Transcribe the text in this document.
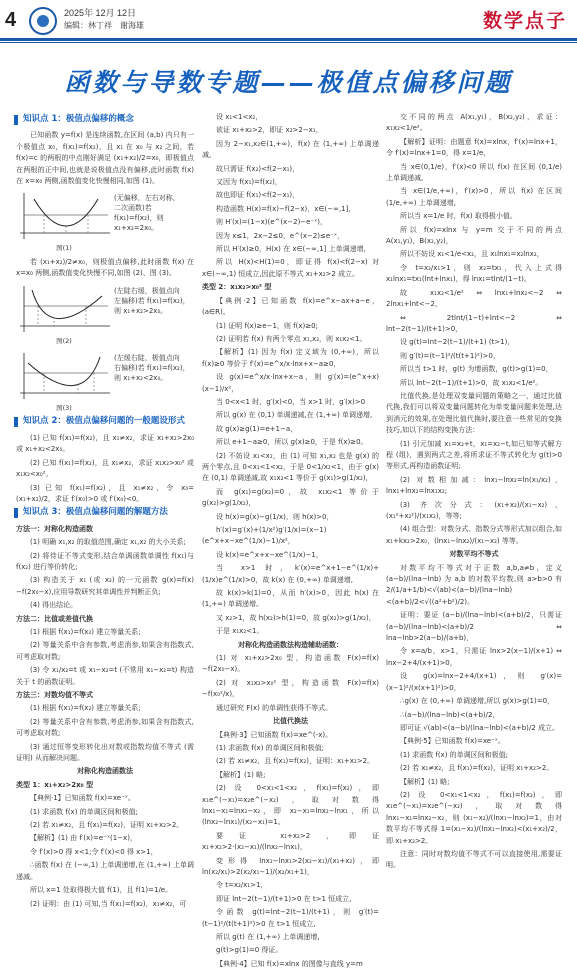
4	2025年 12月 12日
编辑：林丁祥　谢海雄	数学点子
函数与导数专题——极值点偏移问题
知识点 1：极值点偏移的概念

已知函数 y=f(x) 是连续函数,在区间 (a,b) 内只有一个极值点 x₀，f(x₁)=f(x₂)，且 x₁ 在 x₀ 与 x₂ 之间，若 f(x)=c 的两根的中点刚好满足 (x₁+x₂)/2=x₀，即极值点在两根的正中间,也就是说极值点没有偏移,此时函数 f(x) 在 x=x₀ 两侧,函数值变化快慢相同,如图 (1)。

(无偏移，左右对称，
二次函数)若 f(x₁)=f(x₂)，则
x₁+x₂=2x₀。
图(1)

若 (x₁+x₂)/2≠x₀，则极值点偏移,此时函数 f(x) 在 x=x₀ 两侧,函数值变化快慢不同,如图 (2)、图 (3)。

(左陡右缓，极值点向
左偏移)若 f(x₁)=f(x₂)，
则 x₁+x₂>2x₀。
图(2)
(左缓右陡，极值点向
右偏移)若 f(x₁)=f(x₂)，
则 x₁+x₂<2x₀。
图(3)
知识点 2：极值点偏移问题的一般题设形式

(1) 已知 f(x₁)=f(x₂)，且 x₁≠x₂，求证 x₁+x₂>2x₀ 或 x₁+x₂<2x₀。

(2) 已知 f(x₁)=f(x₂)，且 x₁≠x₂，求证 x₁x₂>x₀² 或 x₁x₂<x₀²。

(3) 已知 f(x₁)=f(x₂)，且 x₁≠x₂，令 x₀=(x₁+x₂)/2，求证 f′(x₀)>0 或 f′(x₀)<0。

知识点 3：极值点偏移问题的解题方法
方法一：对称化构造函数

(1) 明确 x₁,x₂ 的取值范围,确定 x₁,x₂ 的大小关系;

(2) 将待证不等式变形,结合单调函数单调性 f(x₁)与 f(x₂) 进行等价转化;

(3) 构造关于 x₁ (或 x₂) 的一元函数 g(x)=f(x)−f(2x₀−x),应用导数研究其单调性并判断正负;

(4) 得出结论。

方法二：比值或差值代换

(1) 根据 f(x₁)=f(x₂) 建立等量关系;

(2) 等量关系中含有参数,考虑消参,如果含有指数式,可考虑取对数;

(3) 令 x₁/x₂=t 或 x₁−x₂=t (不常用 x₁−x₂=t) 构造关于 t 的函数证明。

方法三：对数均值不等式

(1) 根据 f(x₁)=f(x₂) 建立等量关系;

(2) 等量关系中含有参数,考虑消参,如果含有指数式,可考虑取对数;

(3) 通过恒等变形转化出对数或指数均值不等式 (需证明) 从而解决问题。

对称化构造函数法
类型 1：x₁+x₂>2x₀ 型

【典例·1】已知函数 f(x)=xe⁻ˣ。

(1) 求函数 f(x) 的单调区间和极值;

(2) 若 x₁≠x₂，且 f(x₁)=f(x₂)，证明 x₁+x₂>2。

【解析】(1) 由 f′(x)=e⁻ˣ(1−x)，

令 f′(x)>0 得 x<1;令 f′(x)<0 得 x>1，

∴函数 f(x) 在 (−∞,1) 上单调递增,在 (1,+∞) 上单调递减。

所以 x=1 处取得极大值 f(1)，且 f(1)=1/e。

(2) 证明：由 (1) 可知,当 f(x₁)=f(x₂)，x₁≠x₂，可

设 x₁<1<x₂，

欲证 x₁+x₂>2，即证 x₂>2−x₁，

因为 2−x₁,x₂∈(1,+∞)，f(x) 在 (1,+∞) 上单调递减,

故只需证 f(x₂)<f(2−x₁)，

又因为 f(x₁)=f(x₂)，

故也即证 f(x₁)<f(2−x₁)，

构造函数 H(x)=f(x)−f(2−x)，x∈(−∞,1]，

则 H′(x)=(1−x)(e^(x−2)−e⁻ˣ)，

因为 x≤1，2x−2≤0，e^(x−2)≤e⁻ˣ，

所以 H′(x)≥0，H(x) 在 x∈(−∞,1] 上单调递增,

所以 H(x)<H(1)=0，即证得 f(x)<f(2−x) 对 x∈(−∞,1) 恒成立,因此原不等式 x₁+x₂>2 成立。

类型 2：x₁x₂>x₀² 型

【典例·2】已知函数 f(x)=e^x−ax+a−e，(a∈R)。

(1) 证明 f(x)≥e−1，则 f(x)≥0;

(2) 证明若 f(x) 有两个零点 x₁,x₂，则 x₁x₂<1。

【解析】(1) 因为 f(x) 定义域为 (0,+∞)，所以 f(x)≥0 等价于 f′(x)=e^x/x·lnx+x−a≥0，

设 g(x)=e^x/x·lnx+x−a，则 g′(x)=(e^x+x)(x−1)/x²，

当 0<x<1 时，g′(x)<0，当 x>1 时，g′(x)>0

所以 g(x) 在 (0,1) 单调递减,在 (1,+∞) 单调递增,

故 g(x)≥g(1)=e+1−a，

所以 e+1−a≥0，所以 g(x)≥0，于是 f(x)≥0。

(2) 不妨设 x₁<x₂，由 (1) 可知 x₁,x₂ 也是 g(x) 的两个零点,且 0<x₁<1<x₂，于是 0<1/x₂<1，由于 g(x) 在 (0,1) 单调递减,故 x₁x₂<1 等价于 g(x₁)>g(1/x₂)，

而 g(x₁)=g(x₂)=0，故 x₁x₂<1 等价于 g(x₂)>g(1/x₂)，

设 h(x)=g(x)−g(1/x)，则 h(x)>0，

h′(x)=g′(x)+(1/x²)g′(1/x)=(x−1)(e^x+x−xe^(1/x)−1)/x²，

设 k(x)=e^x+x−xe^(1/x)−1，

当 x>1 时，k′(x)=e^x+1−e^(1/x)+(1/x)e^(1/x)>0，故 k(x) 在 (0,+∞) 单调递增,

故 k(x)>k(1)=0，从而 h′(x)>0，因此 h(x) 在 (1,+∞) 单调递增。

又 x₂>1，故 h(x₂)>h(1)=0，故 g(x₂)>g(1/x₂)，

于是 x₁x₂<1。

对称化构造函数法构造辅助函数：

(1) 对 x₁+x₂>2x₀ 型，构造函数 F(x)=f(x)−f(2x₀−x)。

(2) 对 x₁x₂>x₀² 型，构造函数 F(x)=f(x)−f(x₀²/x)，

通过研究 F(x) 的单调性获得不等式。

比值代换法

【典例·3】已知函数 f(x)=xe^(-x)。

(1) 求函数 f(x) 的单调区间和极值;

(2) 若 x₁≠x₂，且 f(x₁)=f(x₂)，证明：x₁+x₂>2。

【解析】(1) 略;

(2) 设 0<x₁<1<x₂，f(x₁)=f(x₂)，即 x₁e^(−x₁)=x₂e^(−x₂)，取对数得 lnx₁−x₁=lnx₂−x₂，即 x₂−x₁=lnx₂−lnx₁，所以 (lnx₂−lnx₁)/(x₂−x₁)=1。

要证 x₁+x₂>2，即证 x₁+x₂>2·(x₂−x₁)/(lnx₂−lnx₁)，

变形得 lnx₂−lnx₁>2(x₂−x₁)/(x₁+x₂)，即 ln(x₂/x₁)>2(x₂/x₁−1)/(x₂/x₁+1)，

令 t=x₂/x₁>1，

即证 lnt−2(t−1)/(t+1)>0 在 t>1 恒成立,

令函数 g(t)=lnt−2(t−1)/(t+1)，则 g′(t)=(t−1)²/(t(t+1)²)>0 在 t>1 恒成立,

所以 g(t) 在 (1,+∞) 上单调递增,

g(t)>g(1)=0 得证。

【典例·4】已知 f(x)=xlnx 的图像与直线 y=m

交不同的两点 A(x₁,y₁)，B(x₂,y₂)，求证：x₁x₂<1/e²。

【解析】证明：由题意 f(x)=xlnx，f′(x)=lnx+1，令 f′(x)=lnx+1=0，得 x=1/e，

当 x∈(0,1/e)，f′(x)<0 所以 f(x) 在区间 (0,1/e) 上单调递减,

当 x∈(1/e,+∞)，f′(x)>0，所以 f(x) 在区间 (1/e,+∞) 上单调递增,

所以当 x=1/e 时，f(x) 取得极小值。

所以 f(x)=xlnx 与 y=m 交于不同的两点 A(x₁,y₁)，B(x₂,y₂)，

所以不妨设 x₁<1/e<x₂，且 x₁lnx₁=x₂lnx₂，

令 t=x₂/x₁>1，则 x₂=tx₁，代入上式得 x₁lnx₁=tx₁(lnt+lnx₁)，得 lnx₁=tlnt/(1−t)。

故 x₁x₂<1/e² ⇔ lnx₁+lnx₂<−2 ⇔ 2lnx₁+lnt<−2，

⇔ 2tlnt/(1−t)+lnt<−2 ⇔ lnt−2(t−1)/(t+1)>0，

设 g(t)=lnt−2(t−1)/(t+1) (t>1)，

则 g′(t)=(t−1)²/(t(t+1)²)>0，

所以当 t>1 时，g(t) 为增函数，g(t)>g(1)=0，

所以 lnt−2(t−1)/(t+1)>0，故 x₁x₂<1/e²。

比值代换,是处理双变量问题的策略之一，通过比值代换,我们可以将双变量问题转化为单变量问题来处理,达到消元的效果,在处理比值代换时,要注意一些常见的变换技巧,如以下的结构变换方法：

(1) 引元加减 x₁=x₂+t，x₁=x₂−t,如已知等式解方程 (组)，遇到两式之差,将所求证不等式转化为 g(t)>0 等形式,再构造函数证明;

(2) 对数相加减：lnx₁−lnx₂=ln(x₁/x₂)，lnx₁+lnx₂=lnx₁x₂;

(3) 齐次分式：(x₁+x₂)/(x₁−x₂)，(x₁²+x₂²)/(x₁x₂)，等等;

(4) 组合型：对数分式、指数分式等形式加以组合,如 x₁+kx₂>2x₀，(lnx₁−lnx₂)/(x₁−x₂) 等等。

对数平均不等式

对数平均不等式对于正数 a,b,a≠b，定义 (a−b)/(lna−lnb) 为 a,b 的对数平均数,则 a>b>0 有 2/(1/a+1/b)<√(ab)<(a−b)/(lna−lnb)<(a+b)/2<√((a²+b²)/2)。

证明：要证 (a−b)/(lna−lnb)<(a+b)/2，只需证 (a−b)/(lna−lnb)<(a+b)/2 ⇔ lna−lnb>2(a−b)/(a+b)，

令 x=a/b，x>1，只需证 lnx>2(x−1)/(x+1) ⇔ lnx−2+4/(x+1)>0，

设 g(x)=lnx−2+4/(x+1)，则 g′(x)=(x−1)²/(x(x+1)²)>0，

∴g(x) 在 (0,+∞) 单调递增,所以 g(x)>g(1)=0，

∴(a−b)/(lna−lnb)<(a+b)/2，

即可证 √(ab)<(a−b)/(lna−lnb)<(a+b)/2 成立。

【典例·5】已知函数 f(x)=xe⁻ˣ。

(1) 求函数 f(x) 的单调区间和极值;

(2) 若 x₁≠x₂，且 f(x₁)=f(x₂)，证明 x₁+x₂>2。

【解析】(1) 略;

(2) 设 0<x₁<1<x₂，f(x₁)=f(x₂)，即 x₁e^(−x₁)=x₂e^(−x₂)，取对数得 lnx₁−x₁=lnx₂−x₂，则 (x₁−x₂)/(lnx₁−lnx₂)=1，由对数平均不等式得 1=(x₁−x₂)/(lnx₁−lnx₂)<(x₁+x₂)/2，即 x₁+x₂>2。

注意：同时对数均值不等式不可以直接使用,需要证明。
